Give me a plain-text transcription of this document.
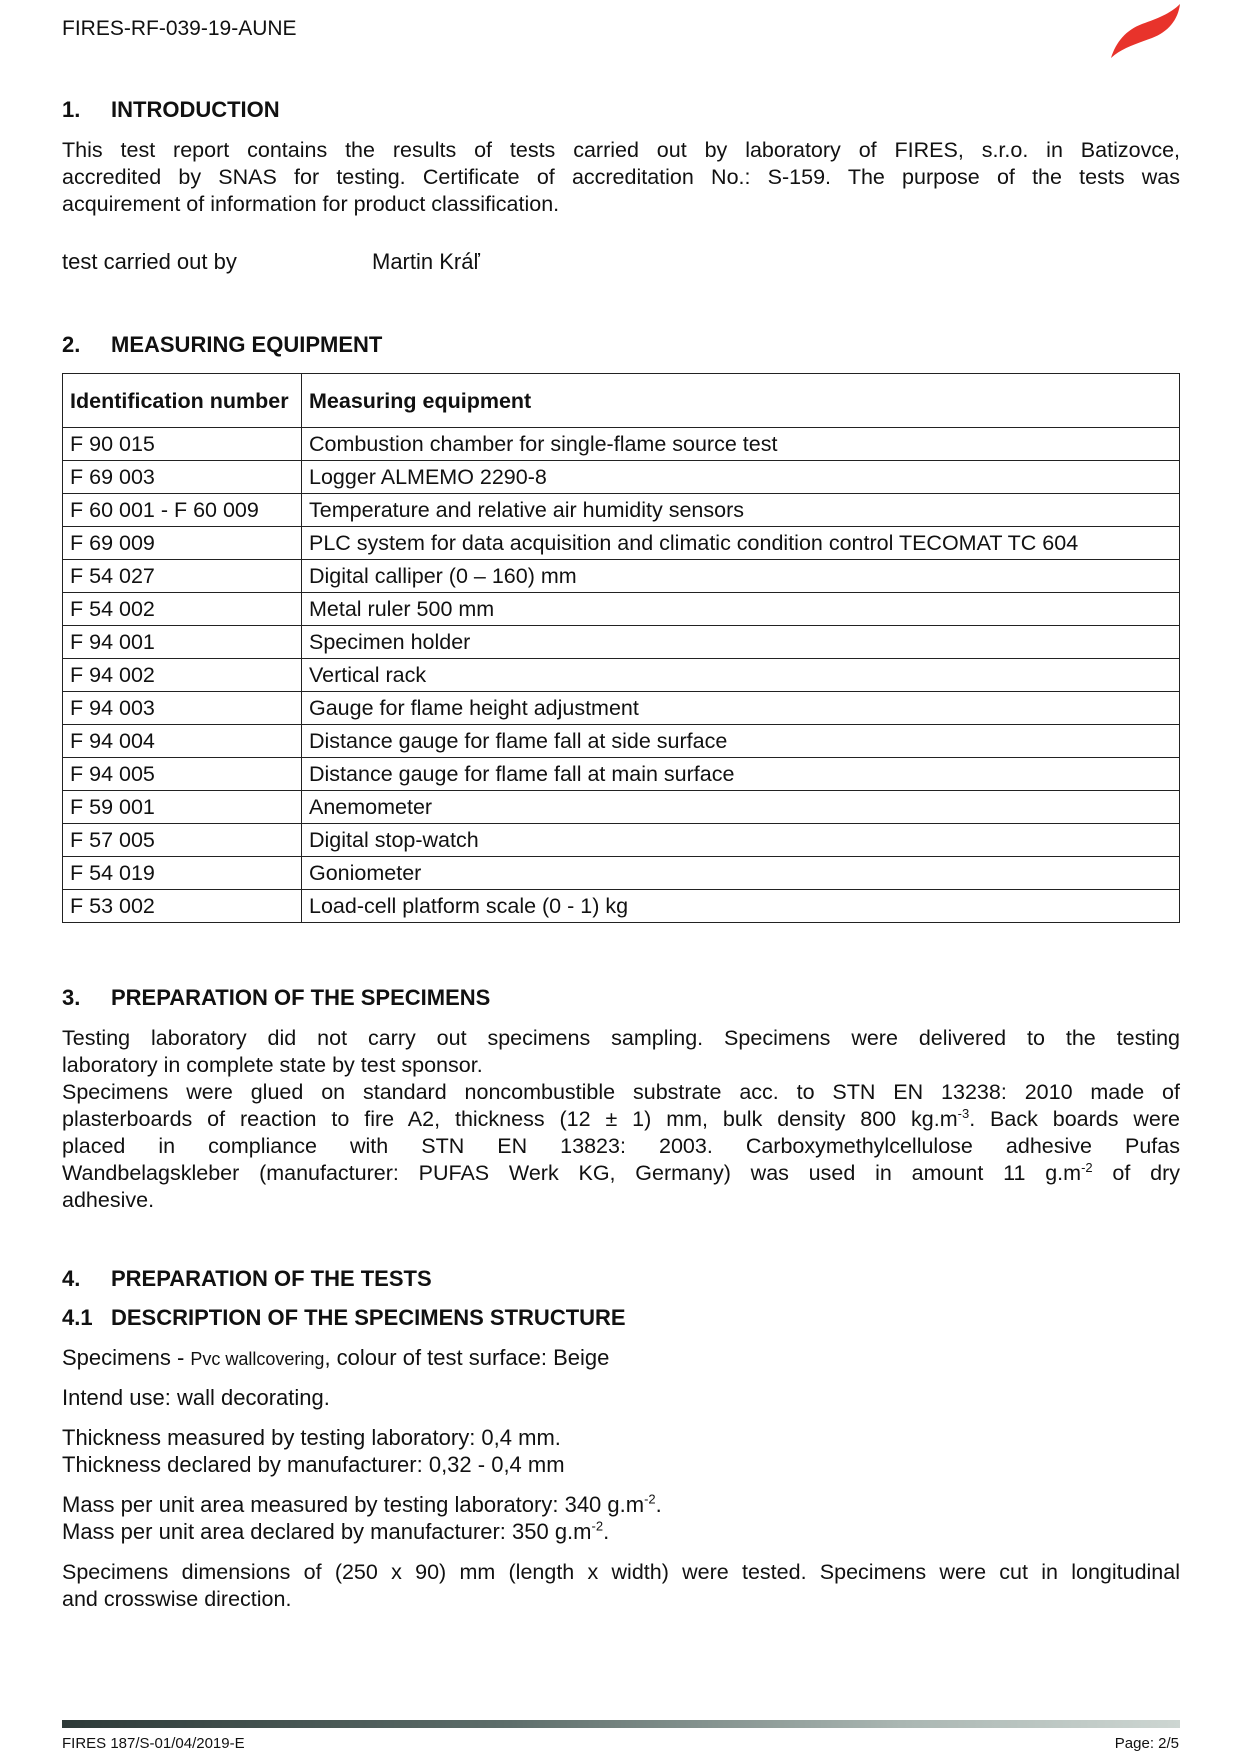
FIRES-RF-039-19-AUNE
1. INTRODUCTION
This test report contains the results of tests carried out by laboratory of FIRES, s.r.o. in Batizovce,
accredited by SNAS for testing. Certificate of accreditation No.: S-159. The purpose of the tests was
acquirement of information for product classification.
test carried out by	Martin Kráľ
2. MEASURING EQUIPMENT
Identification number	Measuring equipment
F 90 015	Combustion chamber for single-flame source test
F 69 003	Logger ALMEMO 2290-8
F 60 001 - F 60 009	Temperature and relative air humidity sensors
F 69 009	PLC system for data acquisition and climatic condition control TECOMAT TC 604
F 54 027	Digital calliper (0 – 160) mm
F 54 002	Metal ruler 500 mm
F 94 001	Specimen holder
F 94 002	Vertical rack
F 94 003	Gauge for flame height adjustment
F 94 004	Distance gauge for flame fall at side surface
F 94 005	Distance gauge for flame fall at main surface
F 59 001	Anemometer
F 57 005	Digital stop-watch
F 54 019	Goniometer
F 53 002	Load-cell platform scale (0 - 1) kg
3. PREPARATION OF THE SPECIMENS
Testing laboratory did not carry out specimens sampling. Specimens were delivered to the testing
laboratory in complete state by test sponsor.
Specimens were glued on standard noncombustible substrate acc. to STN EN 13238: 2010 made of
plasterboards of reaction to fire A2, thickness (12 ± 1) mm, bulk density 800 $kg.m^{-3}$. Back boards were
placed in compliance with STN EN 13823: 2003. Carboxymethylcellulose adhesive Pufas
Wandbelagskleber (manufacturer: PUFAS Werk KG, Germany) was used in amount 11 $g.m^{-2}$ of dry
adhesive.
4. PREPARATION OF THE TESTS
4.1 DESCRIPTION OF THE SPECIMENS STRUCTURE
Specimens - Pvc wallcovering, colour of test surface: Beige
Intend use: wall decorating.
Thickness measured by testing laboratory: 0,4 mm.
Thickness declared by manufacturer: 0,32 - 0,4 mm
Mass per unit area measured by testing laboratory: 340 $g.m^{-2}$.
Mass per unit area declared by manufacturer: 350 $g.m^{-2}$.
Specimens dimensions of (250 x 90) mm (length x width) were tested. Specimens were cut in longitudinal
and crosswise direction.
FIRES 187/S-01/04/2019-E	Page: 2/5
